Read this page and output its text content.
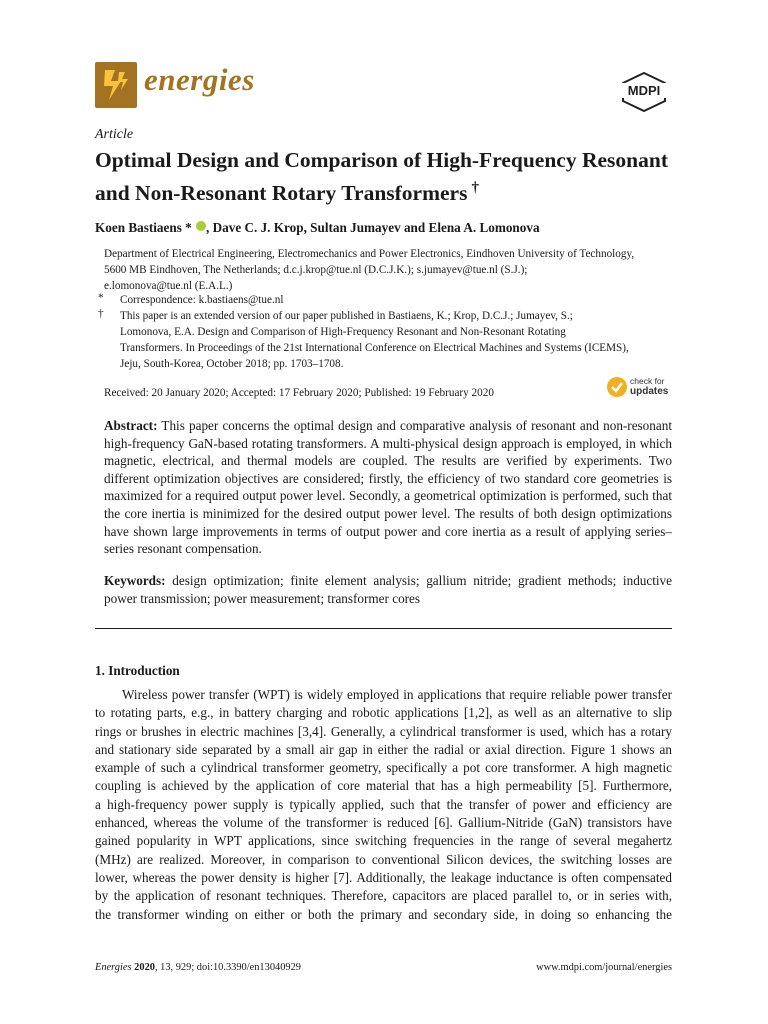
energies	MDPI
Article
Optimal Design and Comparison of High-Frequency Resonant and Non-Resonant Rotary Transformers †
Koen Bastiaens * , Dave C. J. Krop, Sultan Jumayev and Elena A. Lomonova
Department of Electrical Engineering, Electromechanics and Power Electronics, Eindhoven University of Technology,
5600 MB Eindhoven, The Netherlands; d.c.j.krop@tue.nl (D.C.J.K.); s.jumayev@tue.nl (S.J.);
e.lomonova@tue.nl (E.A.L.)
* Correspondence: k.bastiaens@tue.nl
† This paper is an extended version of our paper published in Bastiaens, K.; Krop, D.C.J.; Jumayev, S.;
Lomonova, E.A. Design and Comparison of High-Frequency Resonant and Non-Resonant Rotating
Transformers. In Proceedings of the 21st International Conference on Electrical Machines and Systems (ICEMS),
Jeju, South-Korea, October 2018; pp. 1703–1708.
Received: 20 January 2020; Accepted: 17 February 2020; Published: 19 February 2020
check for
updates
Abstract: This paper concerns the optimal design and comparative analysis of resonant and non-resonant high-frequency GaN-based rotating transformers. A multi-physical design approach is employed, in which magnetic, electrical, and thermal models are coupled. The results are verified by experiments. Two different optimization objectives are considered; firstly, the efficiency of two standard core geometries is maximized for a required output power level. Secondly, a geometrical optimization is performed, such that the core inertia is minimized for the desired output power level. The results of both design optimizations have shown large improvements in terms of output power and core inertia as a result of applying series–series resonant compensation.
Keywords: design optimization; finite element analysis; gallium nitride; gradient methods; inductive power transmission; power measurement; transformer cores
1. Introduction
Wireless power transfer (WPT) is widely employed in applications that require reliable power transfer
to rotating parts, e.g., in battery charging and robotic applications [1,2], as well as an alternative to slip
rings or brushes in electric machines [3,4]. Generally, a cylindrical transformer is used, which has a rotary
and stationary side separated by a small air gap in either the radial or axial direction. Figure 1 shows an
example of such a cylindrical transformer geometry, specifically a pot core transformer. A high magnetic
coupling is achieved by the application of core material that has a high permeability [5]. Furthermore,
a high-frequency power supply is typically applied, such that the transfer of power and efficiency are
enhanced, whereas the volume of the transformer is reduced [6]. Gallium-Nitride (GaN) transistors have
gained popularity in WPT applications, since switching frequencies in the range of several megahertz
(MHz) are realized. Moreover, in comparison to conventional Silicon devices, the switching losses are
lower, whereas the power density is higher [7]. Additionally, the leakage inductance is often compensated
by the application of resonant techniques. Therefore, capacitors are placed parallel to, or in series with,
the transformer winding on either or both the primary and secondary side, in doing so enhancing the
Energies 2020, 13, 929; doi:10.3390/en13040929	www.mdpi.com/journal/energies
